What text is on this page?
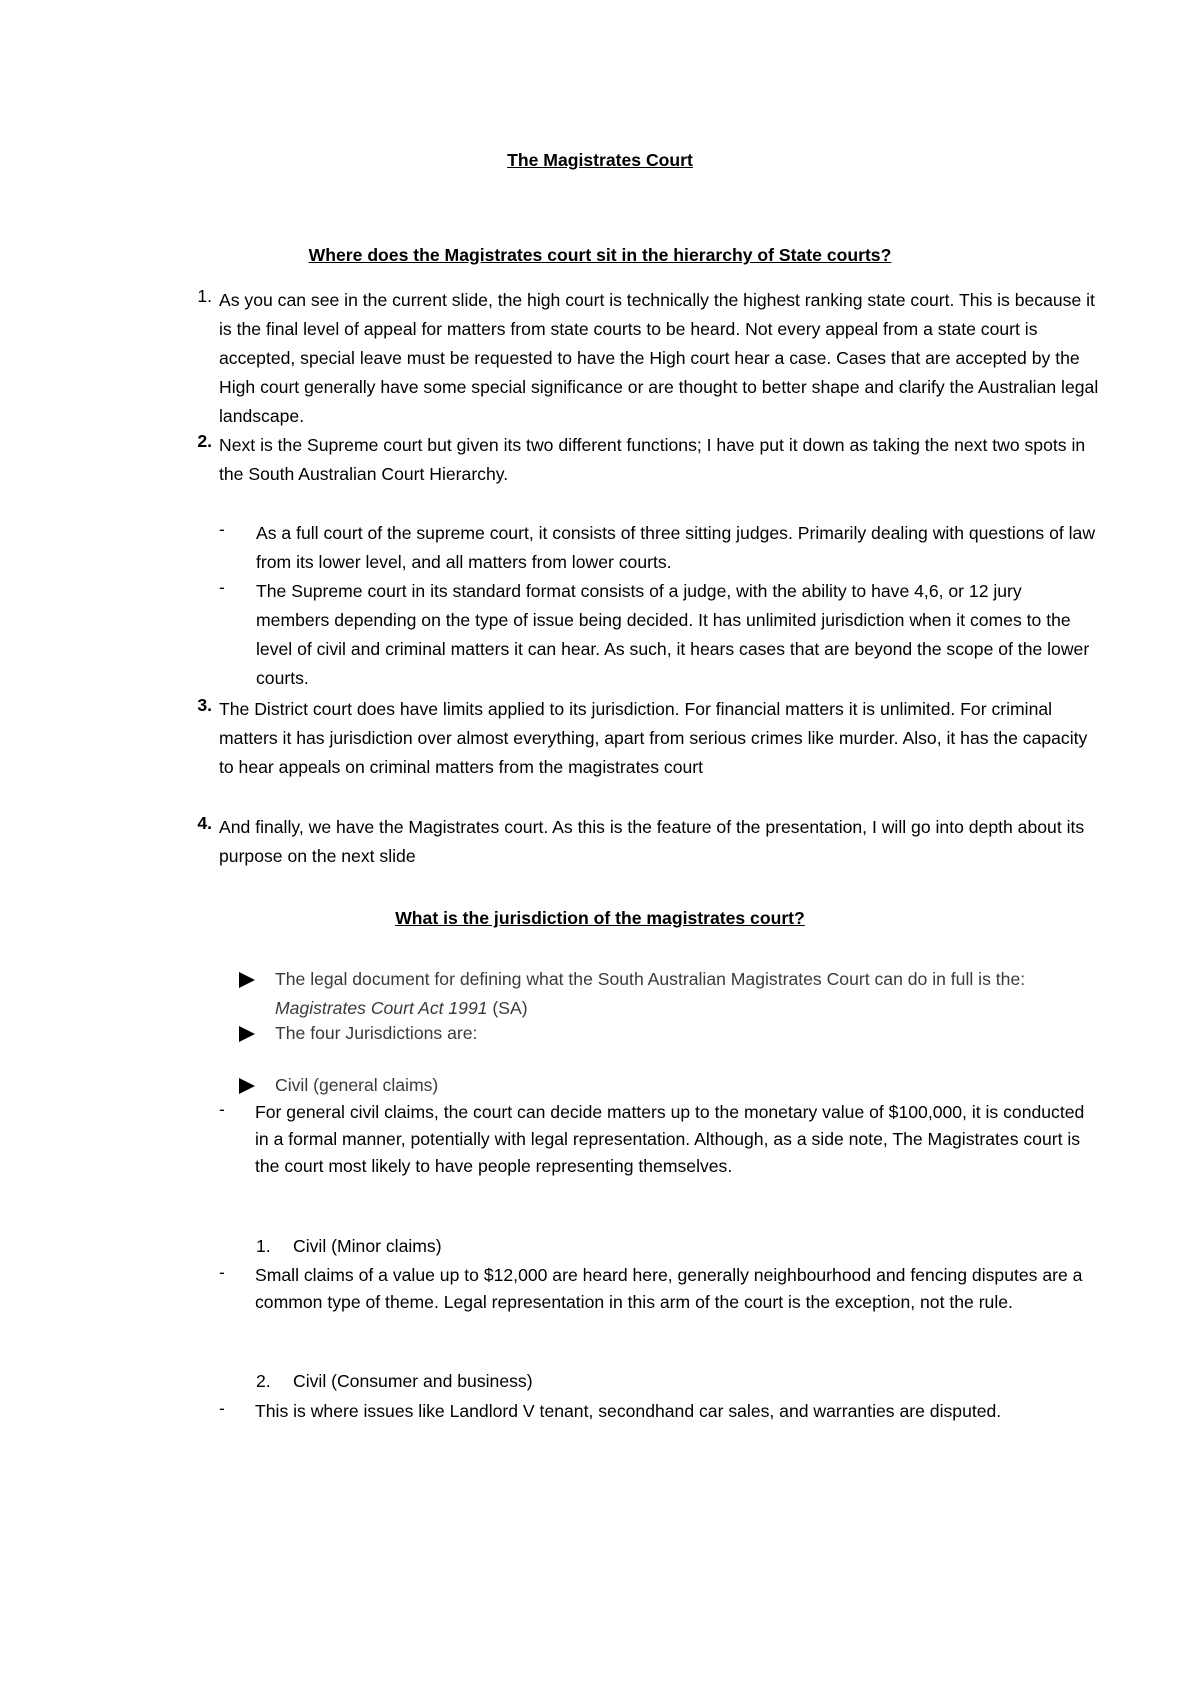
The Magistrates Court
Where does the Magistrates court sit in the hierarchy of State courts?
1. As you can see in the current slide, the high court is technically the highest ranking state court. This is because it is the final level of appeal for matters from state courts to be heard. Not every appeal from a state court is accepted, special leave must be requested to have the High court hear a case. Cases that are accepted by the High court generally have some special significance or are thought to better shape and clarify the Australian legal landscape.
2. Next is the Supreme court but given its two different functions; I have put it down as taking the next two spots in the South Australian Court Hierarchy.
- As a full court of the supreme court, it consists of three sitting judges. Primarily dealing with questions of law from its lower level, and all matters from lower courts.
- The Supreme court in its standard format consists of a judge, with the ability to have 4,6, or 12 jury members depending on the type of issue being decided. It has unlimited jurisdiction when it comes to the level of civil and criminal matters it can hear. As such, it hears cases that are beyond the scope of the lower courts.
3. The District court does have limits applied to its jurisdiction. For financial matters it is unlimited. For criminal matters it has jurisdiction over almost everything, apart from serious crimes like murder. Also, it has the capacity to hear appeals on criminal matters from the magistrates court
4. And finally, we have the Magistrates court. As this is the feature of the presentation, I will go into depth about its purpose on the next slide
What is the jurisdiction of the magistrates court?
The legal document for defining what the South Australian Magistrates Court can do in full is the: Magistrates Court Act 1991 (SA)
The four Jurisdictions are:
Civil (general claims)
- For general civil claims, the court can decide matters up to the monetary value of $100,000, it is conducted in a formal manner, potentially with legal representation. Although, as a side note, The Magistrates court is the court most likely to have people representing themselves.
1. Civil (Minor claims)
- Small claims of a value up to $12,000 are heard here, generally neighbourhood and fencing disputes are a common type of theme. Legal representation in this arm of the court is the exception, not the rule.
2. Civil (Consumer and business)
- This is where issues like Landlord V tenant, secondhand car sales, and warranties are disputed.
